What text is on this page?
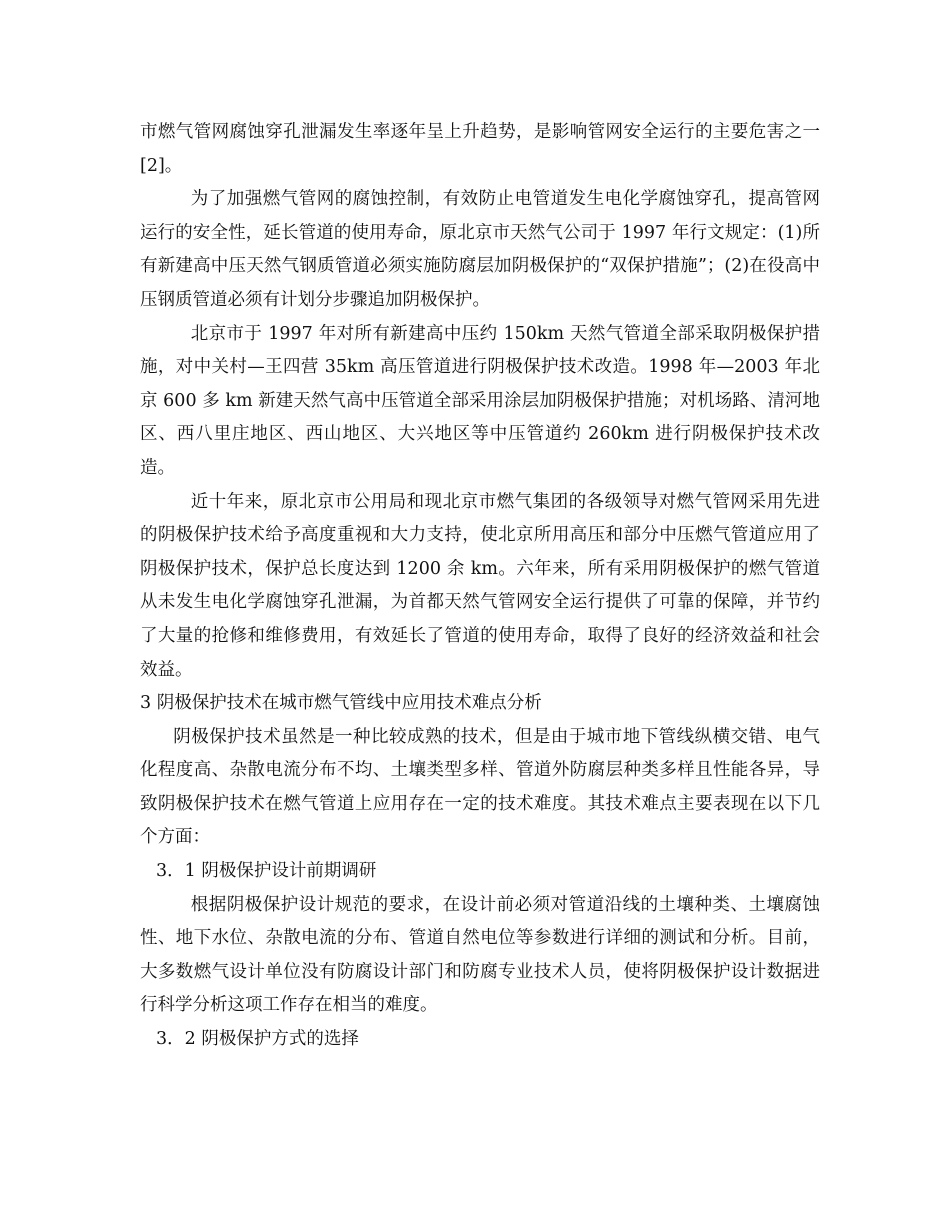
市燃气管网腐蚀穿孔泄漏发生率逐年呈上升趋势，是影响管网安全运行的主要危害之一[2]。

为了加强燃气管网的腐蚀控制，有效防止电管道发生电化学腐蚀穿孔，提高管网运行的安全性，延长管道的使用寿命，原北京市天然气公司于 1997 年行文规定：(1)所有新建高中压天然气钢质管道必须实施防腐层加阴极保护的“双保护措施”；(2)在役高中压钢质管道必须有计划分步骤追加阴极保护。

北京市于 1997 年对所有新建高中压约 150km 天然气管道全部采取阴极保护措施，对中关村—王四营 35km 高压管道进行阴极保护技术改造。1998 年—2003 年北京 600 多 km 新建天然气高中压管道全部采用涂层加阴极保护措施；对机场路、清河地区、西八里庄地区、西山地区、大兴地区等中压管道约 260km 进行阴极保护技术改造。

近十年来，原北京市公用局和现北京市燃气集团的各级领导对燃气管网采用先进的阴极保护技术给予高度重视和大力支持，使北京所用高压和部分中压燃气管道应用了阴极保护技术，保护总长度达到 1200 余 km。六年来，所有采用阴极保护的燃气管道从未发生电化学腐蚀穿孔泄漏，为首都天然气管网安全运行提供了可靠的保障，并节约了大量的抢修和维修费用，有效延长了管道的使用寿命，取得了良好的经济效益和社会效益。

3 阴极保护技术在城市燃气管线中应用技术难点分析

阴极保护技术虽然是一种比较成熟的技术，但是由于城市地下管线纵横交错、电气化程度高、杂散电流分布不均、土壤类型多样、管道外防腐层种类多样且性能各异，导致阴极保护技术在燃气管道上应用存在一定的技术难度。其技术难点主要表现在以下几个方面：

3．1 阴极保护设计前期调研

根据阴极保护设计规范的要求，在设计前必须对管道沿线的土壤种类、土壤腐蚀性、地下水位、杂散电流的分布、管道自然电位等参数进行详细的测试和分析。目前，大多数燃气设计单位没有防腐设计部门和防腐专业技术人员，使将阴极保护设计数据进行科学分析这项工作存在相当的难度。

3．2 阴极保护方式的选择
